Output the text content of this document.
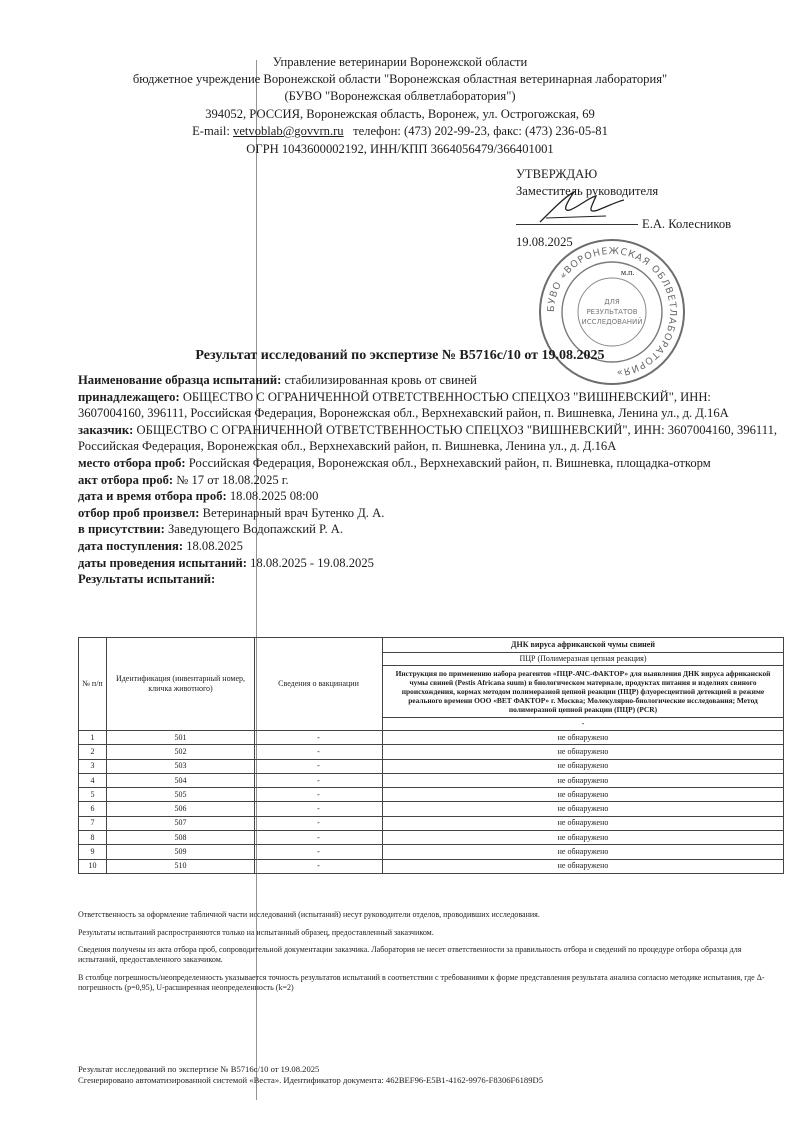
Управление ветеринарии Воронежской области
бюджетное учреждение Воронежской области "Воронежская областная ветеринарная лаборатория"
(БУВО "Воронежская облветлаборатория")
394052, РОССИЯ, Воронежская область, Воронеж, ул. Острогожская, 69
E-mail: vetvoblab@govvrn.ru телефон: (473) 202-99-23, факс: (473) 236-05-81
ОГРН 1043600002192, ИНН/КПП 3664056479/366401001
УТВЕРЖДАЮ
Заместитель руководителя
Е.А. Колесников
19.08.2025
БУВО «ВОРОНЕЖСКАЯ ОБЛВЕТЛАБОРАТОРИЯ»
ДЛЯ
РЕЗУЛЬТАТОВ
ИССЛЕДОВАНИЙ
м.п.
Результат исследований по экспертизе № B5716с/10 от 19.08.2025

Наименование образца испытаний: стабилизированная кровь от свиней

принадлежащего: ОБЩЕСТВО С ОГРАНИЧЕННОЙ ОТВЕТСТВЕННОСТЬЮ СПЕЦХОЗ "ВИШНЕВСКИЙ", ИНН: 3607004160, 396111, Российская Федерация, Воронежская обл., Верхнехавский район, п. Вишневка, Ленина ул., д. Д.16А

заказчик: ОБЩЕСТВО С ОГРАНИЧЕННОЙ ОТВЕТСТВЕННОСТЬЮ СПЕЦХОЗ "ВИШНЕВСКИЙ", ИНН: 3607004160, 396111, Российская Федерация, Воронежская обл., Верхнехавский район, п. Вишневка, Ленина ул., д. Д.16А

место отбора проб: Российская Федерация, Воронежская обл., Верхнехавский район, п. Вишневка, площадка-откорм

акт отбора проб: № 17 от 18.08.2025 г.

дата и время отбора проб: 18.08.2025 08:00

отбор проб произвел: Ветеринарный врач Бутенко Д. А.

в присутствии: Заведующего Водопажский Р. А.

дата поступления: 18.08.2025

даты проведения испытаний: 18.08.2025 - 19.08.2025

Результаты испытаний:

№ п/п	Идентификация (инвентарный номер, кличка животного)	Сведения о вакцинации	ДНК вируса африканской чумы свиней
			ПЦР (Полимеразная цепная реакция)
			Инструкция по применению набора реагентов «ПЦР-АЧС-ФАКТОР» для выявления ДНК вируса африканской чумы свиней (Pestis Africana suum) в биологическом материале, продуктах питания и изделиях свиного происхождения, кормах методом полимеразной цепной реакции (ПЦР) флуоресцентной детекцией в режиме реального времени ООО «ВЕТ ФАКТОР» г. Москва; Молекулярно-биологические исследования; Метод полимеразной цепной реакции (ПЦР) (PCR)
			-
1	501	-	не обнаружено
2	502	-	не обнаружено
3	503	-	не обнаружено
4	504	-	не обнаружено
5	505	-	не обнаружено
6	506	-	не обнаружено
7	507	-	не обнаружено
8	508	-	не обнаружено
9	509	-	не обнаружено
10	510	-	не обнаружено

Ответственность за оформление табличной части исследований (испытаний) несут руководители отделов, проводивших исследования.

Результаты испытаний распространяются только на испытанный образец, предоставленный заказчиком.

Сведения получены из акта отбора проб, сопроводительной документации заказчика. Лаборатория не несет ответственности за правильность отбора и сведений по процедуре отбора образца для испытаний, предоставленного заказчиком.

В столбце погрешность/неопределенность указывается точность результатов испытаний в соответствии с требованиями к форме представления результата анализа согласно методике испытания, где Δ-погрешность (p=0,95), U-расширенная неопределенность (k=2)

Результат исследований по экспертизе № B5716с/10 от 19.08.2025
Сгенерировано автоматизированной системой «Веста». Идентификатор документа: 462BEF96-E5B1-4162-9976-F8306F6189D5
